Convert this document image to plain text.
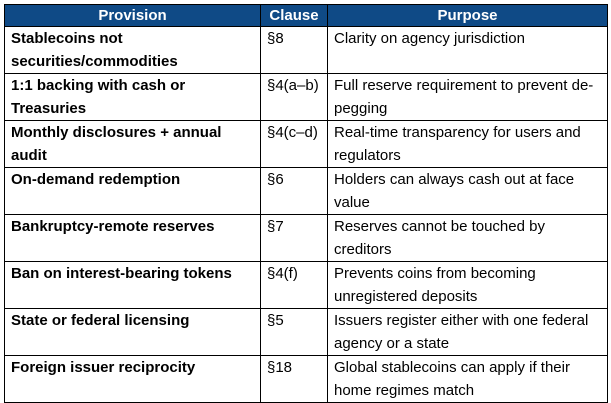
Provision	Clause	Purpose
Stablecoins not securities/commodities	§8	Clarity on agency jurisdiction
1:1 backing with cash or Treasuries	§4(a–b)	Full reserve requirement to prevent de-pegging
Monthly disclosures + annual audit	§4(c–d)	Real-time transparency for users and regulators
On-demand redemption	§6	Holders can always cash out at face value
Bankruptcy-remote reserves	§7	Reserves cannot be touched by creditors
Ban on interest-bearing tokens	§4(f)	Prevents coins from becoming unregistered deposits
State or federal licensing	§5	Issuers register either with one federal agency or a state
Foreign issuer reciprocity	§18	Global stablecoins can apply if their home regimes match
